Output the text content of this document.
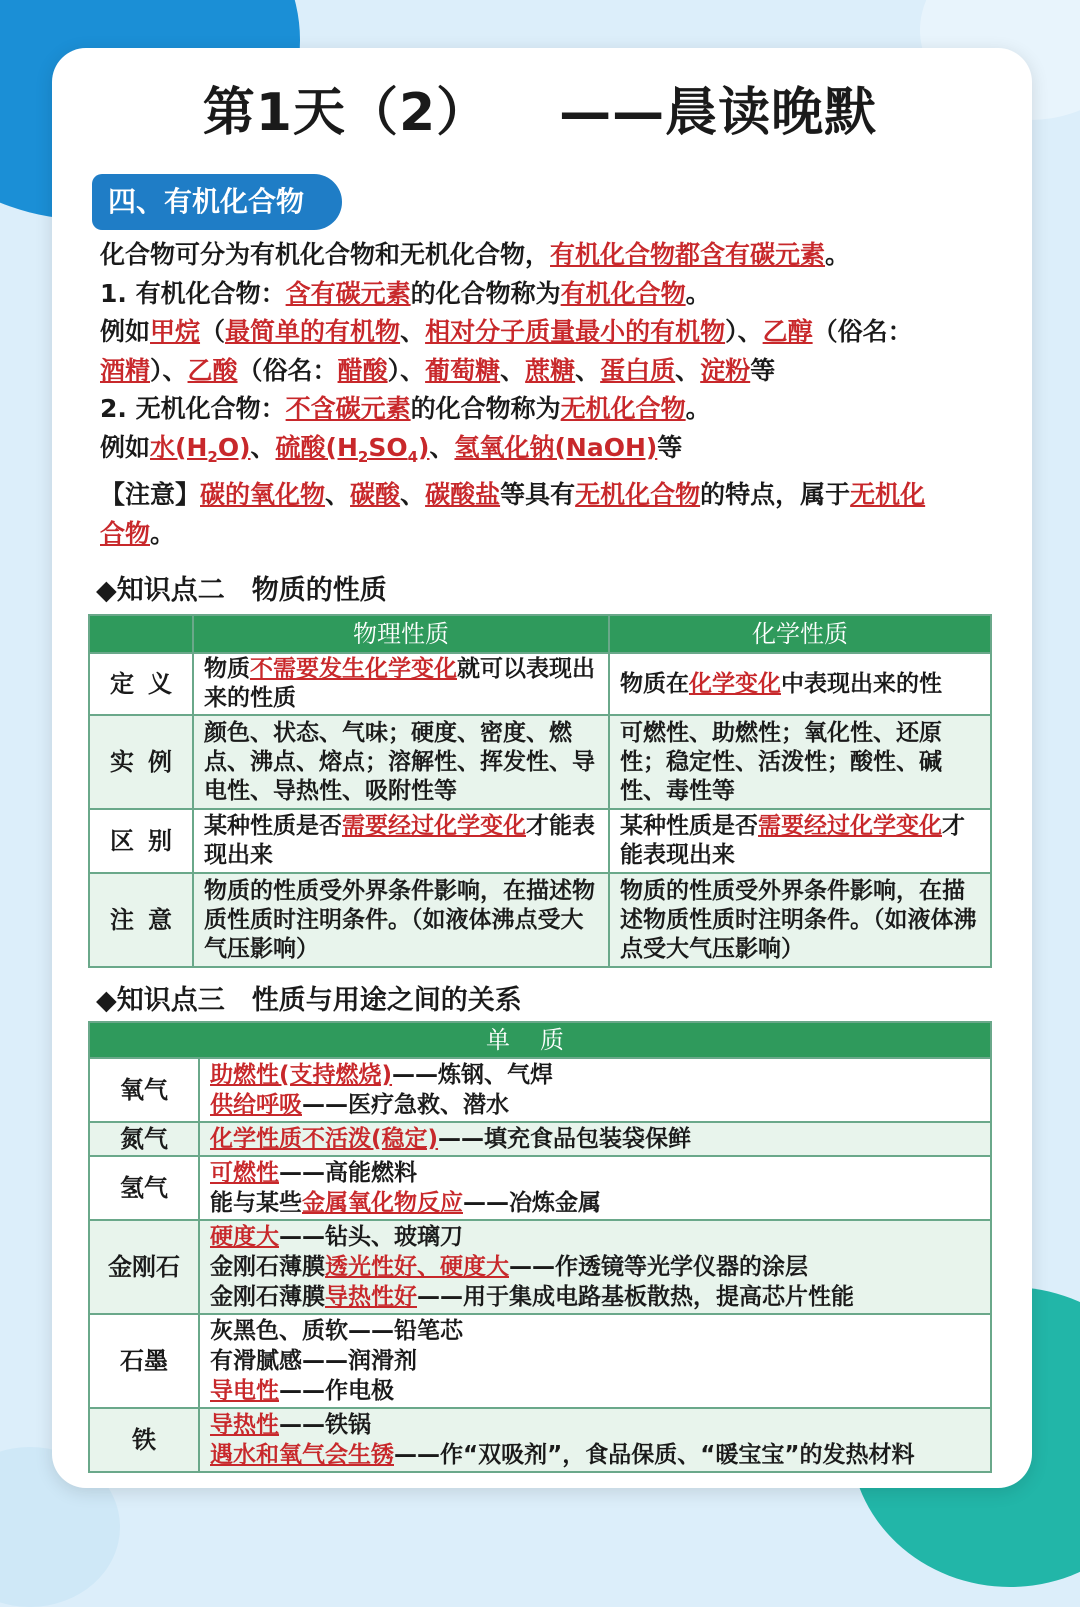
第1天（2） ——晨读晚默
四、有机化合物

化合物可分为有机化合物和无机化合物，有机化合物都含有碳元素。

1. 有机化合物：含有碳元素的化合物称为有机化合物。

例如甲烷（最简单的有机物、相对分子质量最小的有机物）、乙醇（俗名：

酒精）、乙酸（俗名：醋酸）、葡萄糖、蔗糖、蛋白质、淀粉等

2. 无机化合物：不含碳元素的化合物称为无机化合物。

例如水$(H_2O)$、硫酸$(H_2SO_4)$、氢氧化钠(NaOH)等

【注意】碳的氧化物、碳酸、碳酸盐等具有无机化合物的特点，属于无机化

合物。

◆知识点二　物质的性质
	物理性质	化学性质
定义	物质不需要发生化学变化就可以表现出来的性质	物质在化学变化中表现出来的性
实例	颜色、状态、气味；硬度、密度、燃点、沸点、熔点；溶解性、挥发性、导电性、导热性、吸附性等	可燃性、助燃性；氧化性、还原性；稳定性、活泼性；酸性、碱性、毒性等
区别	某种性质是否需要经过化学变化才能表现出来	某种性质是否需要经过化学变化才能表现出来
注意	物质的性质受外界条件影响，在描述物质性质时注明条件。（如液体沸点受大气压影响）	物质的性质受外界条件影响，在描述物质性质时注明条件。（如液体沸点受大气压影响）
◆知识点三　性质与用途之间的关系
单质	
氧气	助燃性(支持燃烧)——炼钢、气焊
供给呼吸——医疗急救、潜水

氮气	化学性质不活泼(稳定)——填充食品包装袋保鲜

氢气	可燃性——高能燃料
能与某些金属氧化物反应——冶炼金属

金刚石	硬度大——钻头、玻璃刀
金刚石薄膜透光性好、硬度大——作透镜等光学仪器的涂层
金刚石薄膜导热性好——用于集成电路基板散热，提高芯片性能

石墨	灰黑色、质软——铅笔芯
有滑腻感——润滑剂
导电性——作电极

铁	导热性——铁锅
遇水和氧气会生锈——作“双吸剂”，食品保质、“暖宝宝”的发热材料
